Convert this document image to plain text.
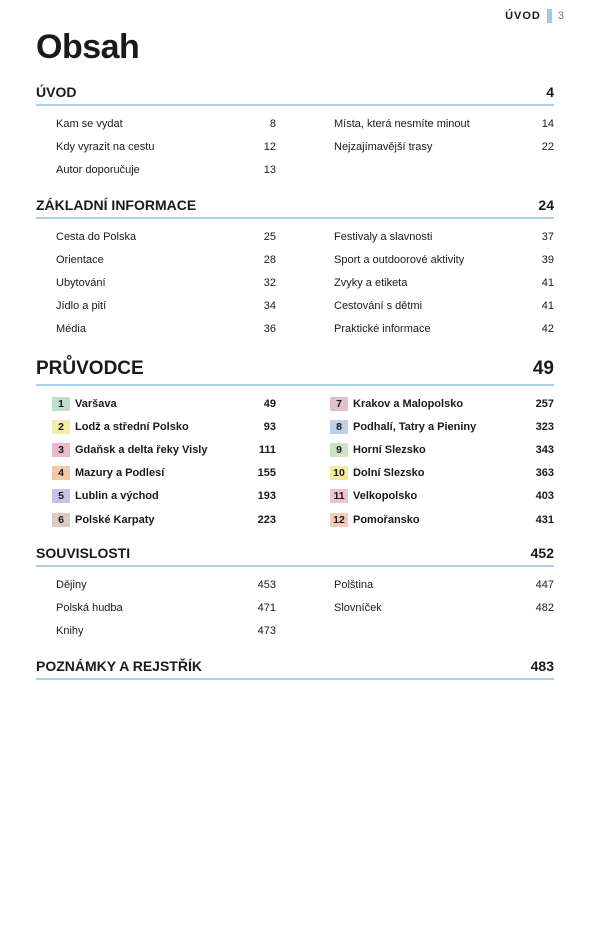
ÚVOD 3
Obsah
ÚVOD	4
Kam se vydat	8
Kdy vyrazit na cestu	12
Autor doporučuje	13
Místa, která nesmíte minout	14
Nejzajímavější trasy	22
ZÁKLADNÍ INFORMACE	24
Cesta do Polska	25
Orientace	28
Ubytování	32
Jídlo a pití	34
Média	36
Festivaly a slavnosti	37
Sport a outdoorové aktivity	39
Zvyky a etiketa	41
Cestování s dětmi	41
Praktické informace	42
PRŮVODCE	49
1	Varšava	49
2	Lodž a střední Polsko	93
3	Gdaňsk a delta řeky Visly	111
4	Mazury a Podlesí	155
5	Lublin a východ	193
6	Polské Karpaty	223
7	Krakov a Malopolsko	257
8	Podhalí, Tatry a Pieniny	323
9	Horní Slezsko	343
10 Dolní Slezsko	363
11 Velkopolsko	403
12 Pomořansko	431
SOUVISLOSTI	452
Dějiny	453
Polská hudba	471
Knihy	473
Polština	447
Slovníček	482
POZNÁMKY A REJSTŘÍK	483
